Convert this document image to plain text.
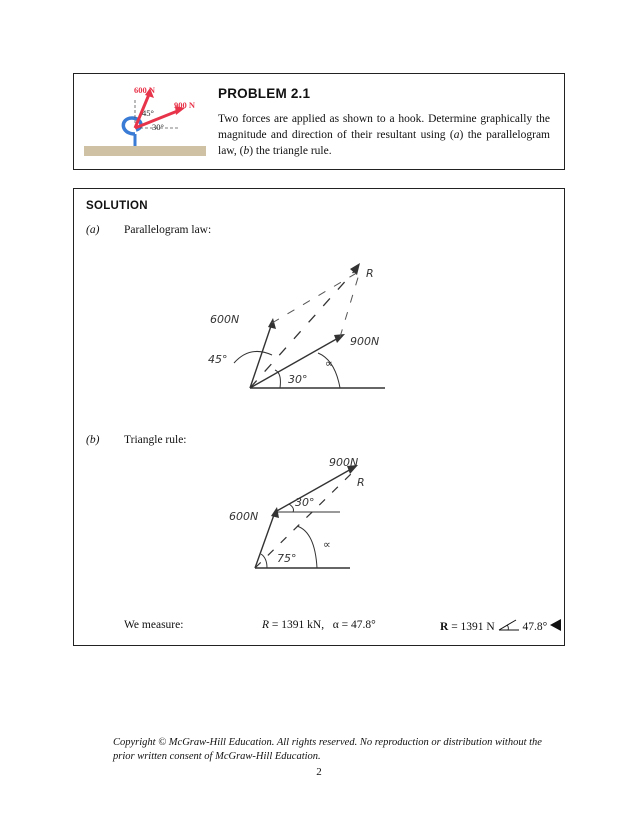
600 N
900 N
45°
30°
PROBLEM 2.1
Two forces are applied as shown to a hook. Determine graphically the magnitude and direction of their resultant using (a) the parallelogram law, (b) the triangle rule.
SOLUTION
(a) Parallelogram law:
600N
900N
R
45°
30°
∝
(b) Triangle rule:
600N
900N
R
30°
75°
∝
We measure:	R = 1391 kN, α = 47.8°	R = 1391 N 47.8°
Copyright © McGraw-Hill Education. All rights reserved. No reproduction or distribution without the prior written consent of McGraw-Hill Education.
2
